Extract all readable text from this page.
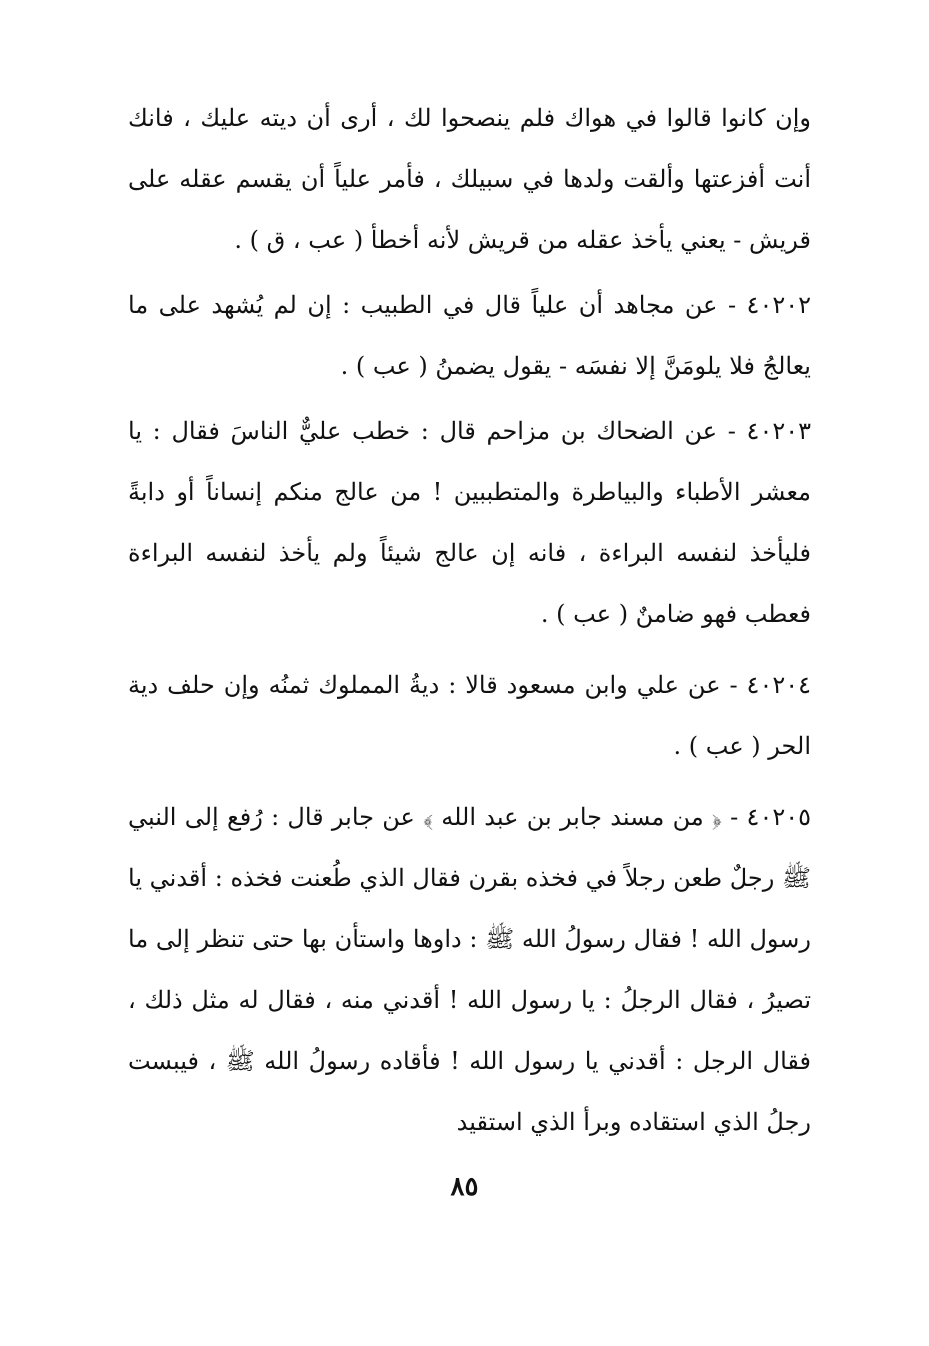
وإن كانوا قالوا في هواك فلم ينصحوا لك ، أرى أن ديته عليك ، فانك أنت أفزعتها وألقت ولدها في سبيلك ، فأمر علياً أن يقسم عقله على قريش - يعني يأخذ عقله من قريش لأنه أخطأ ( عب ، ق ) .

٤٠٢٠٢ - عن مجاهد أن علياً قال في الطبيب : إن لم يُشهد على ما يعالجُ فلا يلومَنَّ إلا نفسَه - يقول يضمنُ ( عب ) .

٤٠٢٠٣ - عن الضحاك بن مزاحم قال : خطب عليٌّ الناسَ فقال : يا معشر الأطباء والبياطرة والمتطببين ! من عالج منكم إنساناً أو دابةً فليأخذ لنفسه البراءة ، فانه إن عالج شيئاً ولم يأخذ لنفسه البراءة فعطب فهو ضامنٌ ( عب ) .

٤٠٢٠٤ - عن علي وابن مسعود قالا : ديةُ المملوك ثمنُه وإن حلف دية الحر ( عب ) .

٤٠٢٠٥ - ﴿ من مسند جابر بن عبد الله ﴾ عن جابر قال : رُفع إلى النبي ﷺ رجلٌ طعن رجلاً في فخذه بقرن فقال الذي طُعنت فخذه : أقدني يا رسول الله ! فقال رسولُ الله ﷺ : داوها واستأن بها حتى تنظر إلى ما تصيرُ ، فقال الرجلُ : يا رسول الله ! أقدني منه ، فقال له مثل ذلك ، فقال الرجل : أقدني يا رسول الله ! فأقاده رسولُ الله ﷺ ، فيبست رجلُ الذي استقاده وبرأ الذي استقيد

٨٥
